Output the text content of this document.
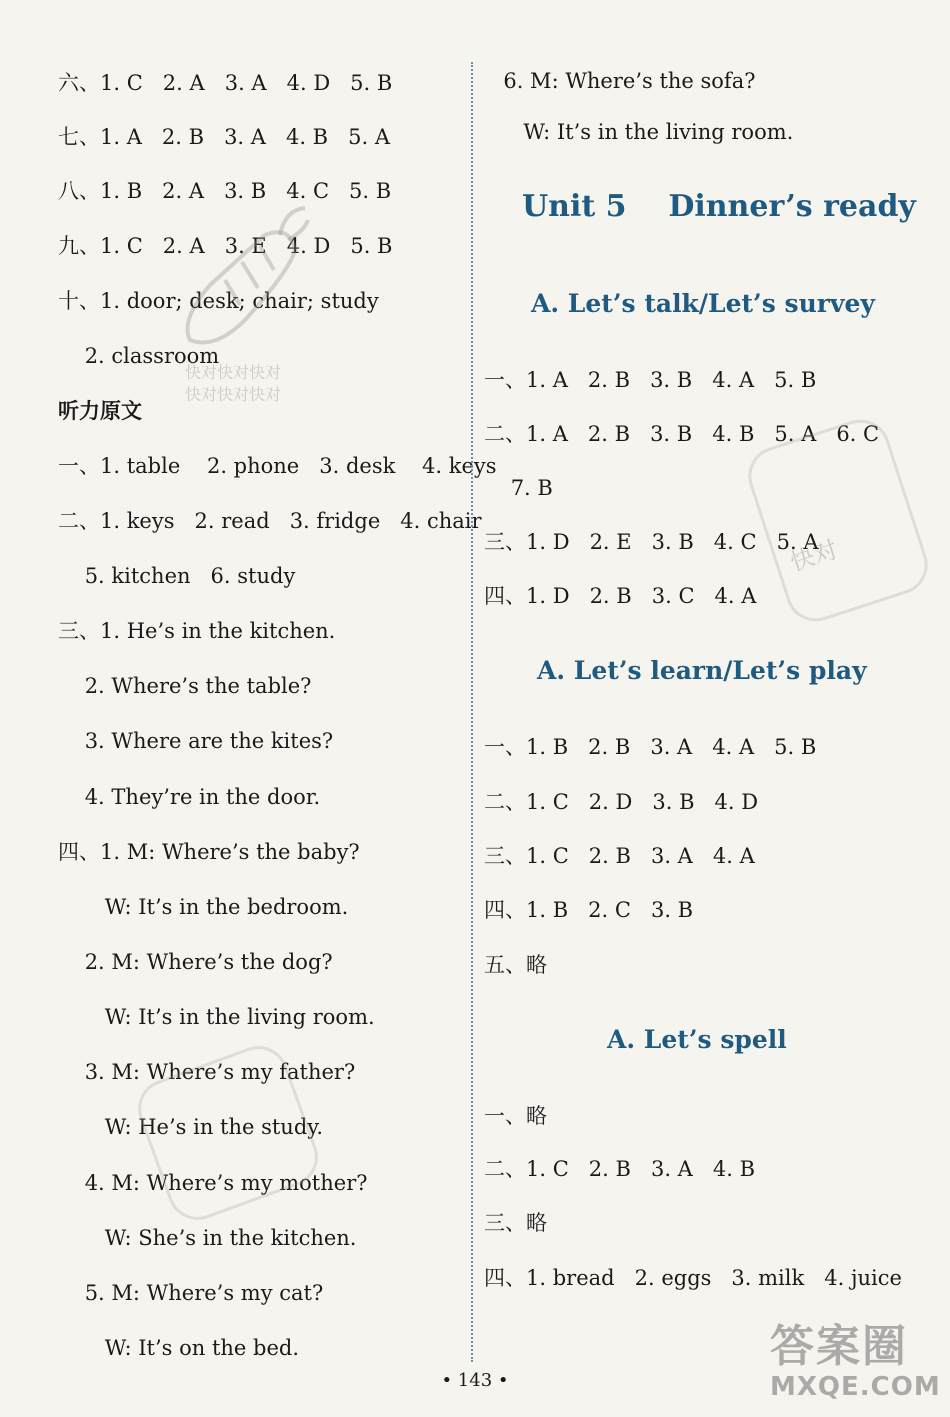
六、1. C   2. A   3. A   4. D   5. B
七、1. A   2. B   3. A   4. B   5. A
八、1. B   2. A   3. B   4. C   5. B
九、1. C   2. A   3. E   4. D   5. B
十、1. door; desk; chair; study
2. classroom
听力原文
一、1. table    2. phone   3. desk    4. keys
二、1. keys   2. read   3. fridge   4. chair
5. kitchen   6. study
三、1. He’s in the kitchen.
2. Where’s the table?
3. Where are the kites?
4. They’re in the door.
四、1. M: Where’s the baby?
W: It’s in the bedroom.
2. M: Where’s the dog?
W: It’s in the living room.
3. M: Where’s my father?
W: He’s in the study.
4. M: Where’s my mother?
W: She’s in the kitchen.
5. M: Where’s my cat?
W: It’s on the bed.
6. M: Where’s the sofa?
W: It’s in the living room.
Unit 5    Dinner’s ready
A. Let’s talk/Let’s survey
一、1. A   2. B   3. B   4. A   5. B
二、1. A   2. B   3. B   4. B   5. A   6. C
7. B
三、1. D   2. E   3. B   4. C   5. A
四、1. D   2. B   3. C   4. A
A. Let’s learn/Let’s play
一、1. B   2. B   3. A   4. A   5. B
二、1. C   2. D   3. B   4. D
三、1. C   2. B   3. A   4. A
四、1. B   2. C   3. B
五、略
A. Let’s spell
一、略
二、1. C   2. B   3. A   4. B
三、略
四、1. bread   2. eggs   3. milk   4. juice
快对快对快对
快对快对快对
快对
答案圈
MXQE.COM
• 143 •
